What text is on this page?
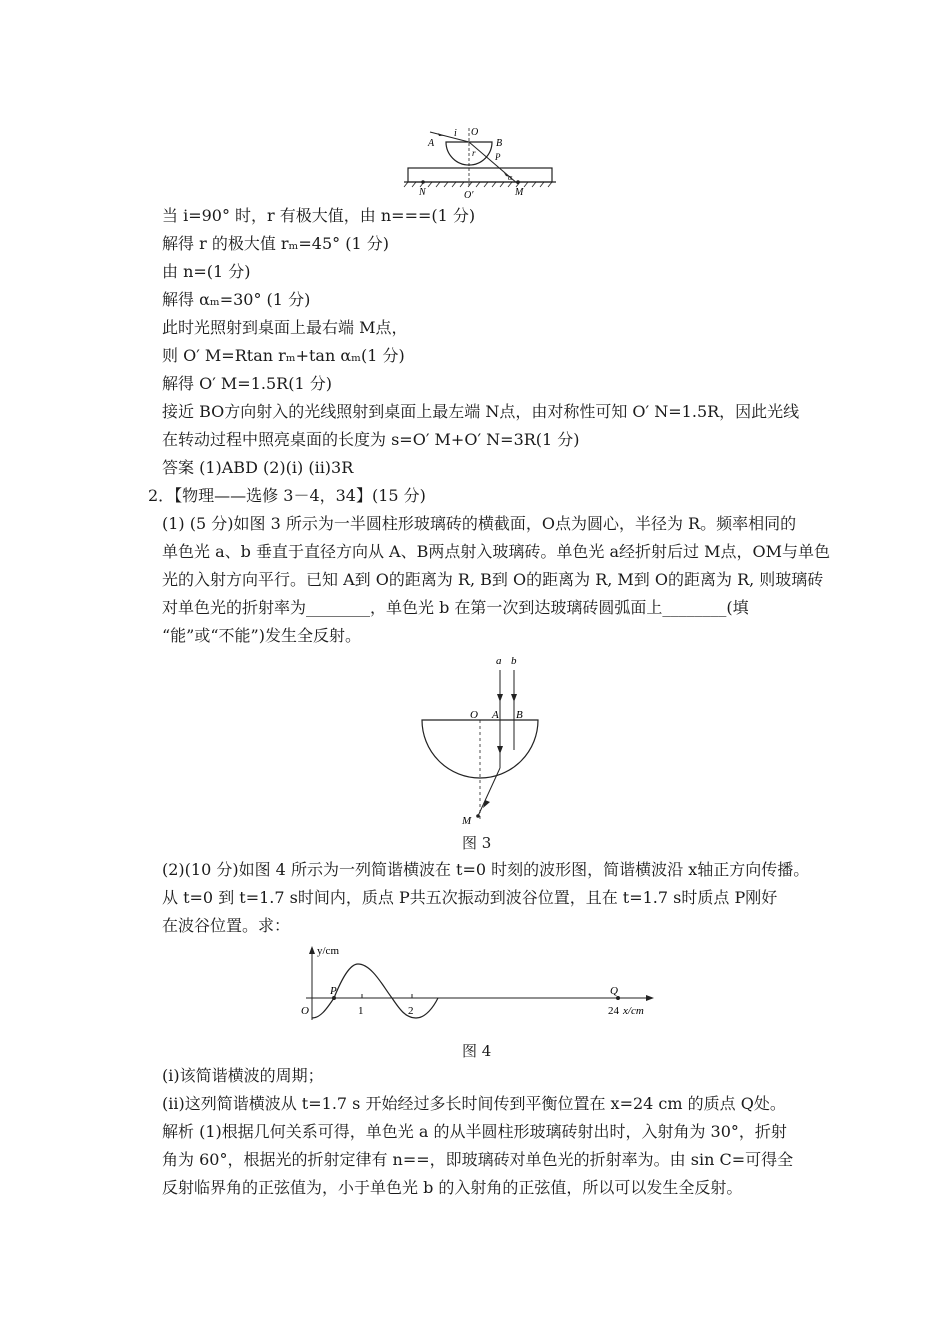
i O
A	B
r P
α
N	O′	M
当 i=90° 时，r 有极大值，由 n===(1 分)
解得 r 的极大值 rₘ=45° (1 分)
由 n=(1 分)
解得 αₘ=30° (1 分)
此时光照射到桌面上最右端 M点，
则 O′ M=Rtan rₘ+tan αₘ(1 分)
解得 O′ M=1.5R(1 分)
接近 BO方向射入的光线照射到桌面上最左端 N点，由对称性可知 O′ N=1.5R，因此光线
在转动过程中照亮桌面的长度为 s=O′ M+O′ N=3R(1 分)
答案 (1)ABD (2)(ⅰ) (ⅱ)3R
2．【物理——选修 3－4，34】(15 分)
(1) (5 分)如图 3 所示为一半圆柱形玻璃砖的横截面，O点为圆心，半径为 R。频率相同的
单色光 a、b 垂直于直径方向从 A、B两点射入玻璃砖。单色光 a经折射后过 M点，OM与单色
光的入射方向平行。已知 A到 O的距离为 R, B到 O的距离为 R, M到 O的距离为 R, 则玻璃砖
对单色光的折射率为________，单色光 b 在第一次到达玻璃砖圆弧面上________(填
“能”或“不能”)发生全反射。
a b
O A B
M
图 3
(2)(10 分)如图 4 所示为一列简谐横波在 t=0 时刻的波形图，简谐横波沿 x轴正方向传播。
从 t=0 到 t=1.7 s时间内，质点 P共五次振动到波谷位置，且在 t=1.7 s时质点 P刚好
在波谷位置。求：
y/cm
x/cm
O	1	2	24
P	Q
图 4
(ⅰ)该简谐横波的周期；
(ⅱ)这列简谐横波从 t=1.7 s 开始经过多长时间传到平衡位置在 x=24 cm 的质点 Q处。
解析 (1)根据几何关系可得，单色光 a 的从半圆柱形玻璃砖射出时，入射角为 30°，折射
角为 60°，根据光的折射定律有 n==，即玻璃砖对单色光的折射率为。由 sin C=可得全
反射临界角的正弦值为，小于单色光 b 的入射角的正弦值，所以可以发生全反射。
